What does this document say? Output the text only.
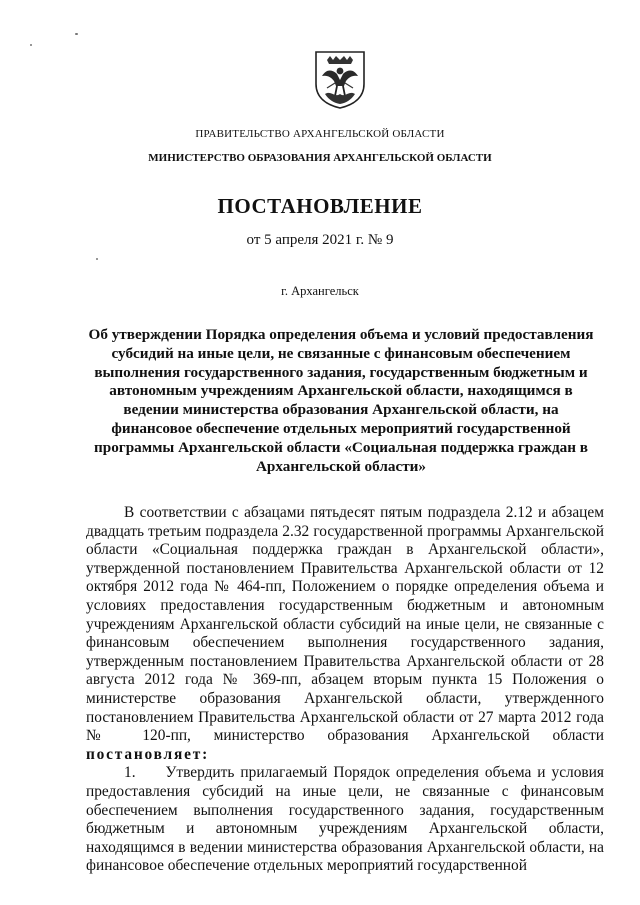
ПРАВИТЕЛЬСТВО АРХАНГЕЛЬСКОЙ ОБЛАСТИ
МИНИСТЕРСТВО ОБРАЗОВАНИЯ АРХАНГЕЛЬСКОЙ ОБЛАСТИ
ПОСТАНОВЛЕНИЕ
от 5 апреля 2021 г. № 9
г. Архангельск
Об утверждении Порядка определения объема и условий предоставления субсидий на иные цели, не связанные с финансовым обеспечением выполнения государственного задания, государственным бюджетным и автономным учреждениям Архангельской области, находящимся в ведении министерства образования Архангельской области, на финансовое обеспечение отдельных мероприятий государственной программы Архангельской области «Социальная поддержка граждан в Архангельской области»

В соответствии с абзацами пятьдесят пятым подраздела 2.12 и абзацем двадцать третьим подраздела 2.32 государственной программы Архангельской области «Социальная поддержка граждан в Архангельской области», утвержденной постановлением Правительства Архангельской области от 12 октября 2012 года № 464-пп, Положением о порядке определения объема и условиях предоставления государственным бюджетным и автономным учреждениям Архангельской области субсидий на иные цели, не связанные с финансовым обеспечением выполнения государственного задания, утвержденным постановлением Правительства Архангельской области от 28 августа 2012 года № 369-пп, абзацем вторым пункта 15 Положения о министерстве образования Архангельской области, утвержденного постановлением Правительства Архангельской области от 27 марта 2012 года № 120-пп, министерство образования Архангельской области постановляет:

1.     Утвердить прилагаемый Порядок определения объема и условия предоставления субсидий на иные цели, не связанные с финансовым обеспечением выполнения государственного задания, государственным бюджетным и автономным учреждениям Архангельской области, находящимся в ведении министерства образования Архангельской области, на финансовое обеспечение отдельных мероприятий государственной
